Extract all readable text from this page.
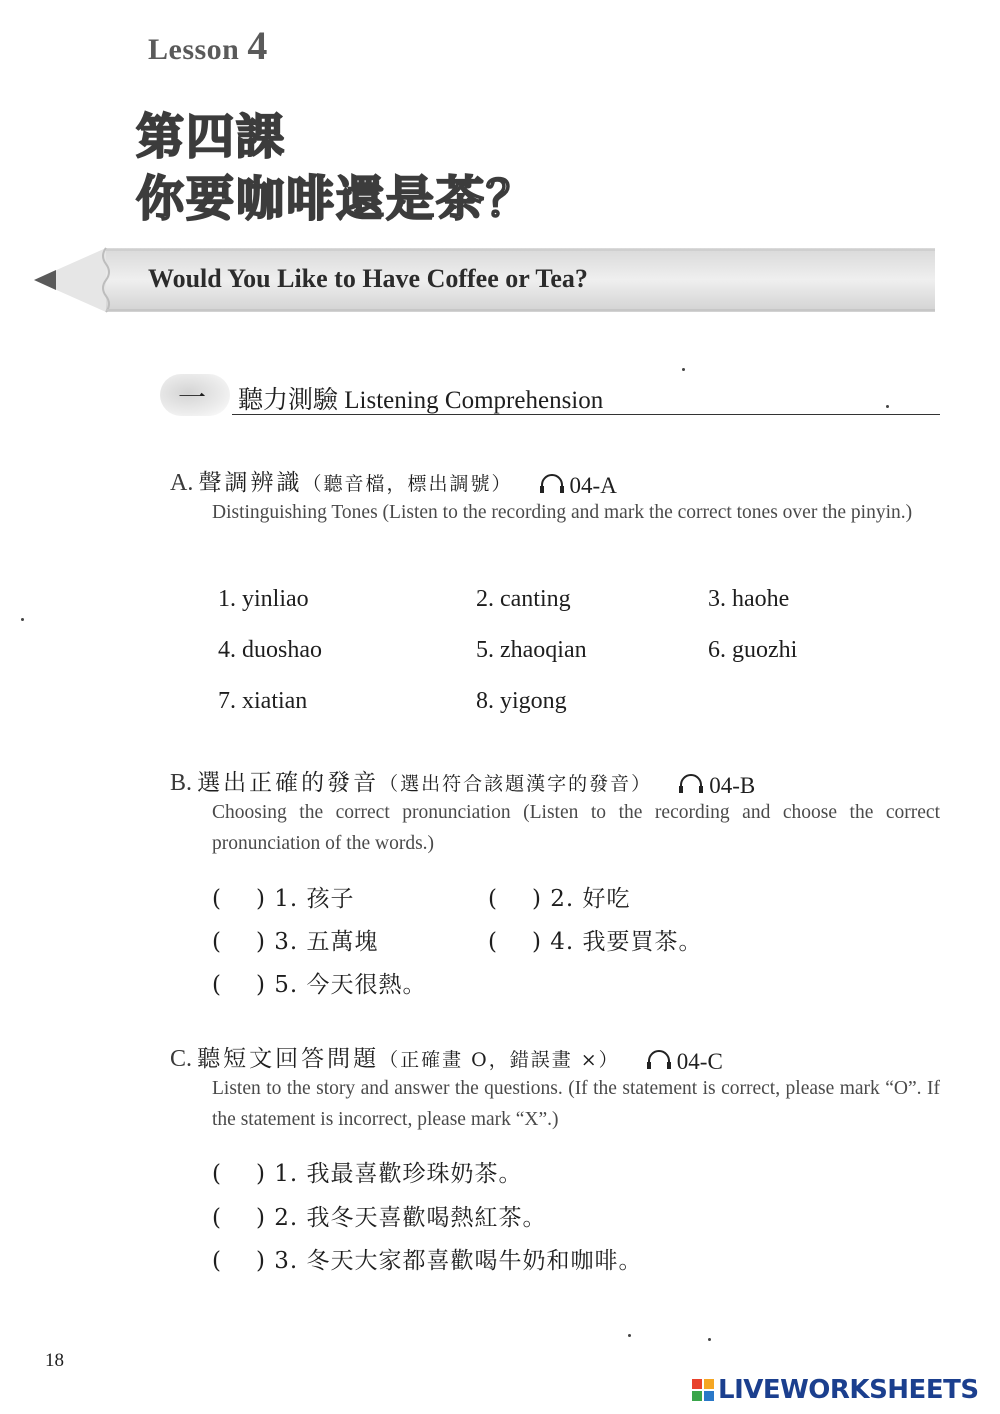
Lesson 4
第四課
你要咖啡還是茶？
Would You Like to Have Coffee or Tea?
一 聽力測驗 Listening Comprehension
A. 聲調辨識（聽音檔，標出調號） 04-A
Distinguishing Tones (Listen to the recording and mark the correct tones over the pinyin.)
1. yinliao	2. canting	3. haohe
4. duoshao	5. zhaoqian	6. guozhi
7. xiatian	8. yigong
B. 選出正確的發音（選出符合該題漢字的發音） 04-B
Choosing the correct pronunciation (Listen to the recording and choose the correct pronunciation of the words.)
( ) 1. 孩子	( ) 2. 好吃
( ) 3. 五萬塊	( ) 4. 我要買茶。
( ) 5. 今天很熱。
C. 聽短文回答問題（正確畫 O，錯誤畫 ×） 04-C
Listen to the story and answer the questions. (If the statement is correct, please mark “O”. If the statement is incorrect, please mark “X”.)
( ) 1. 我最喜歡珍珠奶茶。
( ) 2. 我冬天喜歡喝熱紅茶。
( ) 3. 冬天大家都喜歡喝牛奶和咖啡。
18
LIVEWORKSHEETS
